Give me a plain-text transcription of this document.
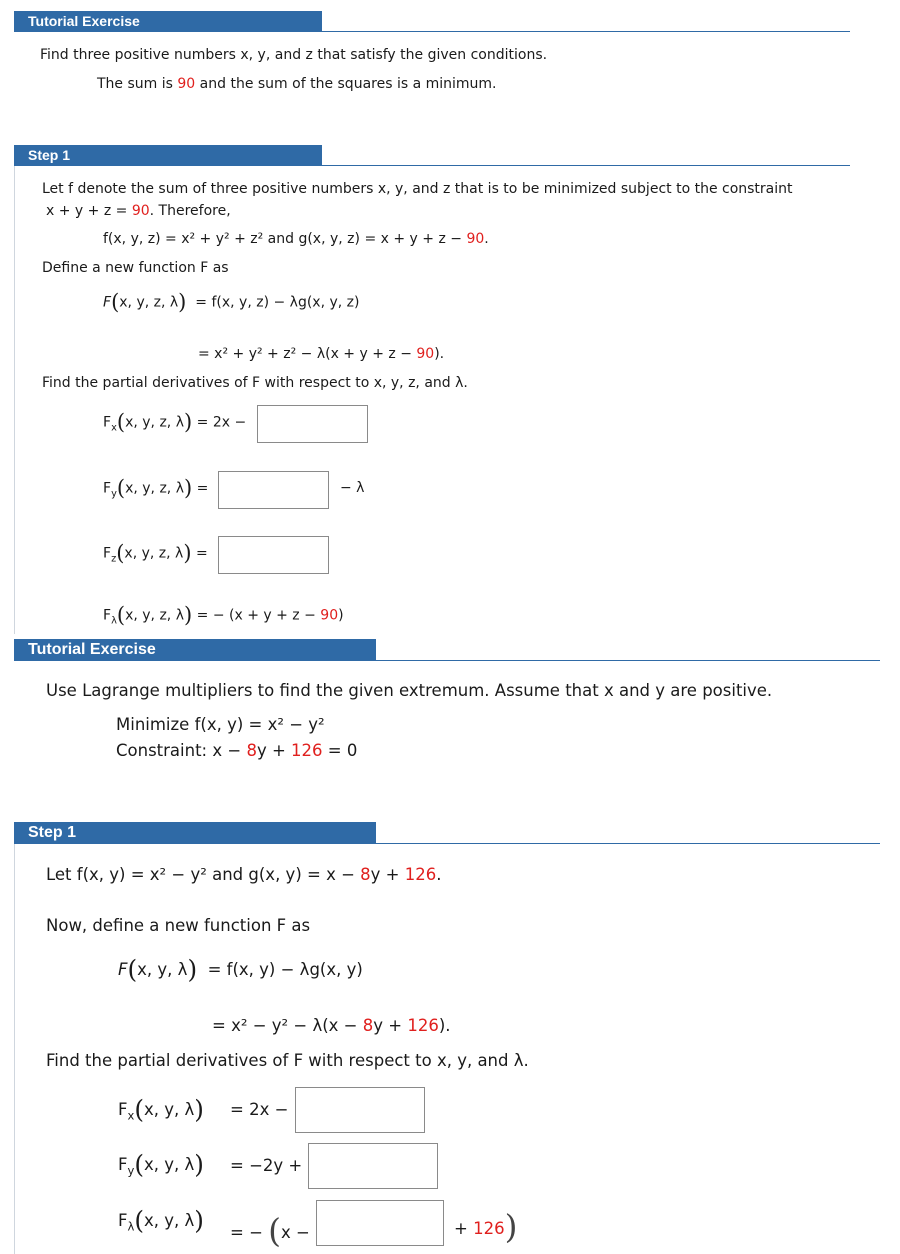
Tutorial Exercise
Find three positive numbers x, y, and z that satisfy the given conditions.
The sum is 90 and the sum of the squares is a minimum.
Step 1
Let f denote the sum of three positive numbers x, y, and z that is to be minimized subject to the constraint
x + y + z = 90. Therefore,
f(x, y, z) = x² + y² + z² and g(x, y, z) = x + y + z − 90.
Define a new function F as
F(x, y, z, λ) = f(x, y, z) − λg(x, y, z)
= x² + y² + z² − λ(x + y + z − 90).
Find the partial derivatives of F with respect to x, y, z, and λ.
$F_x(x$, y, z, λ) = 2x −
$F_y(x$, y, z, λ) =	− λ
$F_z(x$, y, z, λ) =
$F_\lambda(x$, y, z, λ) = − (x + y + z − 90)
Tutorial Exercise
Use Lagrange multipliers to find the given extremum. Assume that x and y are positive.
Minimize f(x, y) = x² − y²
Constraint: x − 8y + 126 = 0
Step 1
Let f(x, y) = x² − y² and g(x, y) = x − 8y + 126.
Now, define a new function F as
F(x, y, λ) = f(x, y) − λg(x, y)
= x² − y² − λ(x − 8y + 126).
Find the partial derivatives of F with respect to x, y, and λ.
$F_x(x$, y, λ) = 2x −
$F_y(x$, y, λ) = −2y +
$F_\lambda(x$, y, λ) = − (x −	+ 126)
